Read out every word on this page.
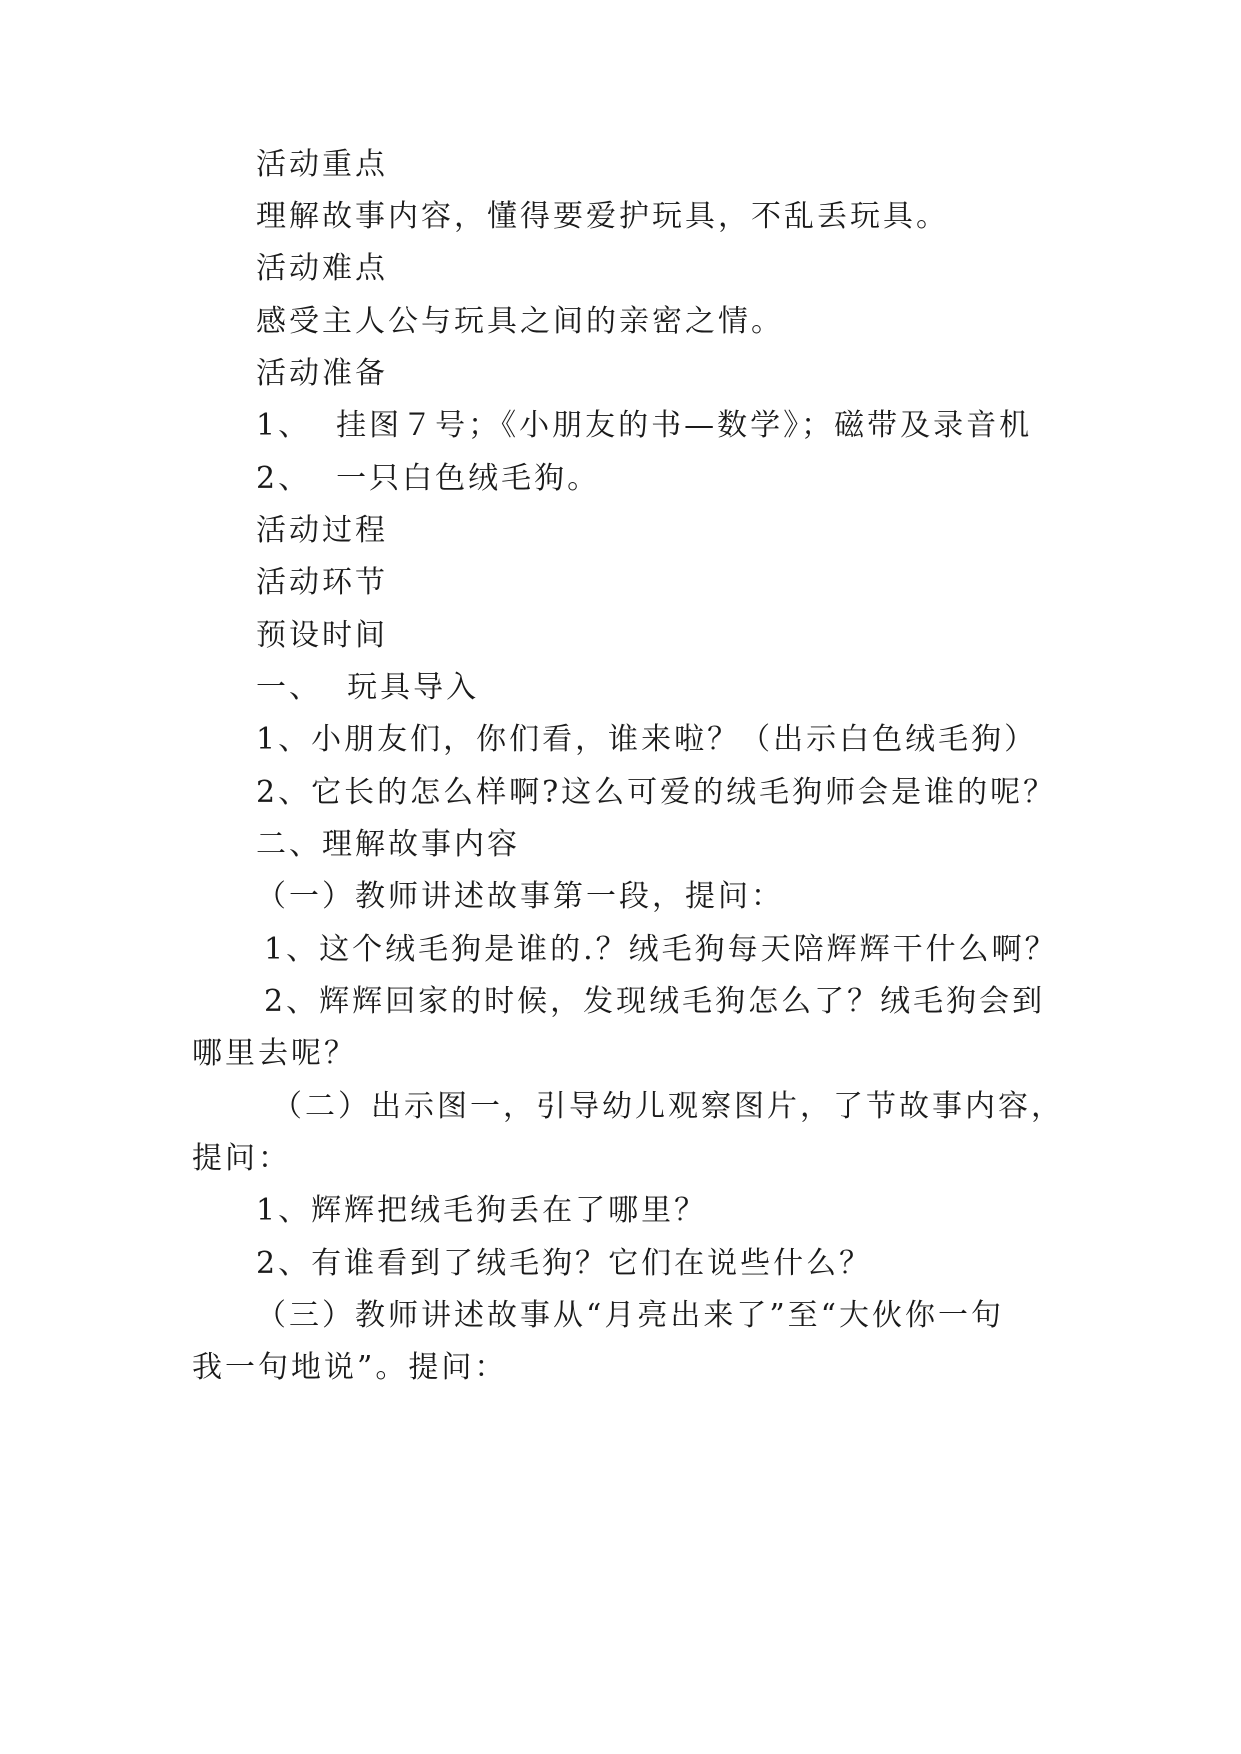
活动重点
理解故事内容，懂得要爱护玩具，不乱丢玩具。
活动难点
感受主人公与玩具之间的亲密之情。
活动准备
1、  挂图７号；《小朋友的书—数学》；磁带及录音机
2、  一只白色绒毛狗。
活动过程
活动环节
预设时间
一、  玩具导入
1、小朋友们，你们看，谁来啦？（出示白色绒毛狗）
2、它长的怎么样啊?这么可爱的绒毛狗师会是谁的呢？
二、理解故事内容
（一）教师讲述故事第一段，提问：
1、这个绒毛狗是谁的.？绒毛狗每天陪辉辉干什么啊？
2、辉辉回家的时候，发现绒毛狗怎么了？绒毛狗会到
哪里去呢？
（二）出示图一，引导幼儿观察图片，了节故事内容，
提问：
1、辉辉把绒毛狗丢在了哪里？
2、有谁看到了绒毛狗？它们在说些什么？
（三）教师讲述故事从“月亮出来了”至“大伙你一句
我一句地说”。提问：
